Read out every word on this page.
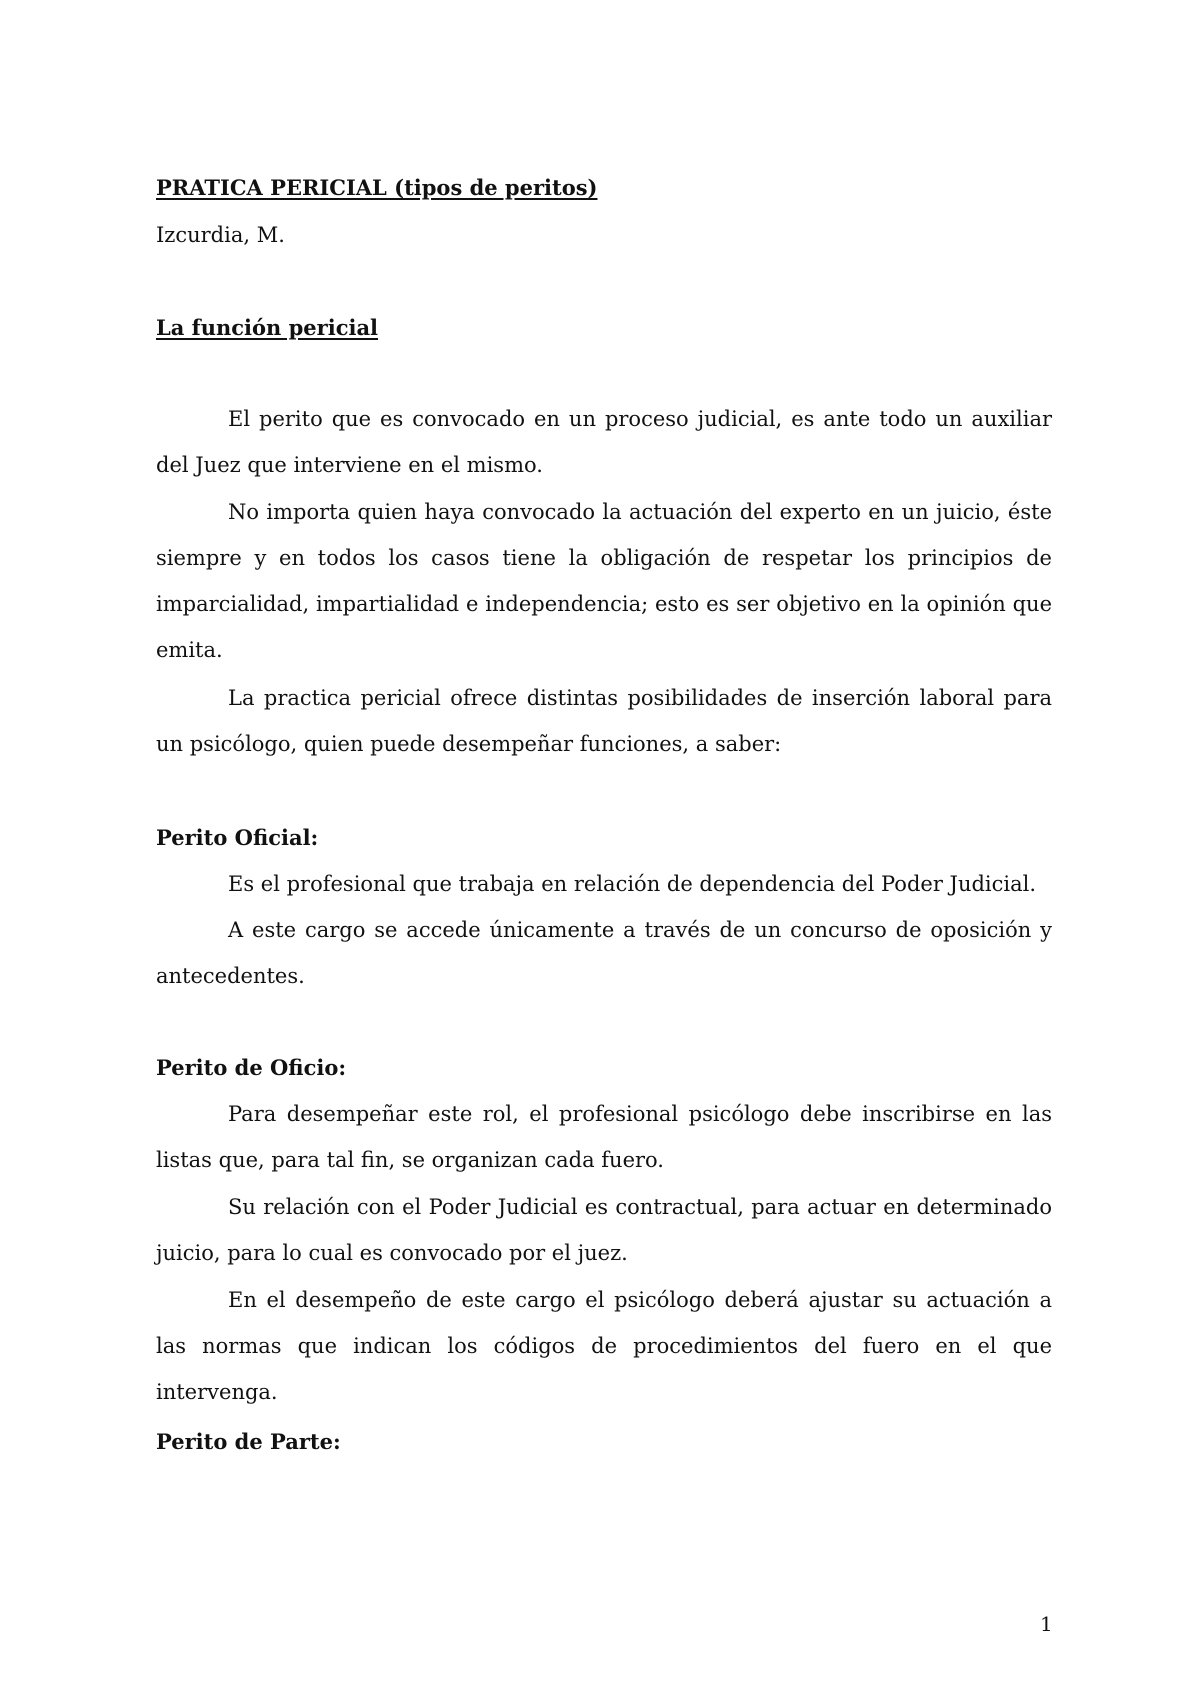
PRATICA PERICIAL (tipos de peritos)
Izcurdia, M.
La función pericial

El perito que es convocado en un proceso judicial, es ante todo un auxiliar del Juez que interviene en el mismo.

No importa quien haya convocado la actuación del experto en un juicio, éste siempre y en todos los casos tiene la obligación de respetar los principios de imparcialidad, impartialidad e independencia; esto es ser objetivo en la opinión que emita.

La practica pericial ofrece distintas posibilidades de inserción laboral para un psicólogo, quien puede desempeñar funciones, a saber:

Perito Oficial:

Es el profesional que trabaja en relación de dependencia del Poder Judicial.

A este cargo se accede únicamente a través de un concurso de oposición y antecedentes.

Perito de Oficio:

Para desempeñar este rol, el profesional psicólogo debe inscribirse en las listas que, para tal fin, se organizan cada fuero.

Su relación con el Poder Judicial es contractual, para actuar en determinado juicio, para lo cual es convocado por el juez.

En el desempeño de este cargo el psicólogo deberá ajustar su actuación a las normas que indican los códigos de procedimientos del fuero en el que intervenga.

Perito de Parte:
1
